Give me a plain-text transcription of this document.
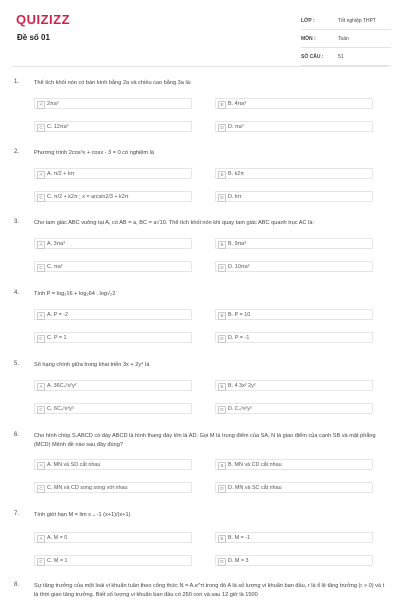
QUIZIZZ
Đề số 01
LỚP :	Tốt nghiệp THPT
MÔN :	Toán
SỐ CÂU :	51
1.	Thể tích khối nón có bán kính bằng 2a và chiều cao bằng 3a là:
A 2πa³	B B. 4πa³
C C. 12πa³	D D. πa³
2.	Phương trình 2cos²x + cosx - 3 = 0 có nghiệm là
A A. π/2 + kπ	B B. k2π
C C. π/2 + k2π ; x = arcsin2/3 + k2π	D D. kπ
3.	Cho tam giác ABC vuông tại A, có AB = a, BC = a√10. Thể tích khối nón khi quay tam giác ABC quanh trục AC là:
A A. 3πa³	B B. 9πa³
C C. πa³	D D. 10πa³
4.	Tính P = log₂16 + log₂64 . log√₂2
A A. P = -2	B B. P = 10
C C. P = 1	D D. P = -1
5.	Số hạng chính giữa trong khai triển 3x + 2y⁴ là
A A. 36C₄²x²y²	B B. 4 3x² 2y²
C C. 6C₄²x²y²	D D. C₄²x²y²
6.	Cho hình chóp S.ABCD có đáy ABCD là hình thang đáy lớn là AD. Gọi M là trung điểm của SA, N là giao điểm của cạnh SB và mặt phẳng (MCD) Mệnh đề nào sau đây đúng?
A A. MN và SD cắt nhau	B B. MN và CD cắt nhau
C C. MN và CD song song với nhau	D D. MN và SC cắt nhau
7.	Tính giới hạn M = lim x→-1 (x+1)/(x+1)
A A. M = 0	B B. M = -1
C C. M = 1	D D. M = 3
8.	Sự tăng trưởng của một loài vi khuẩn tuân theo công thức N = A.e^rt trong đó A là số lượng vi khuẩn ban đầu, r là tỉ lệ tăng trưởng (r > 0) và t là thời gian tăng trưởng. Biết số lượng vi khuẩn ban đầu có 250 con và sau 12 giờ là 1500
